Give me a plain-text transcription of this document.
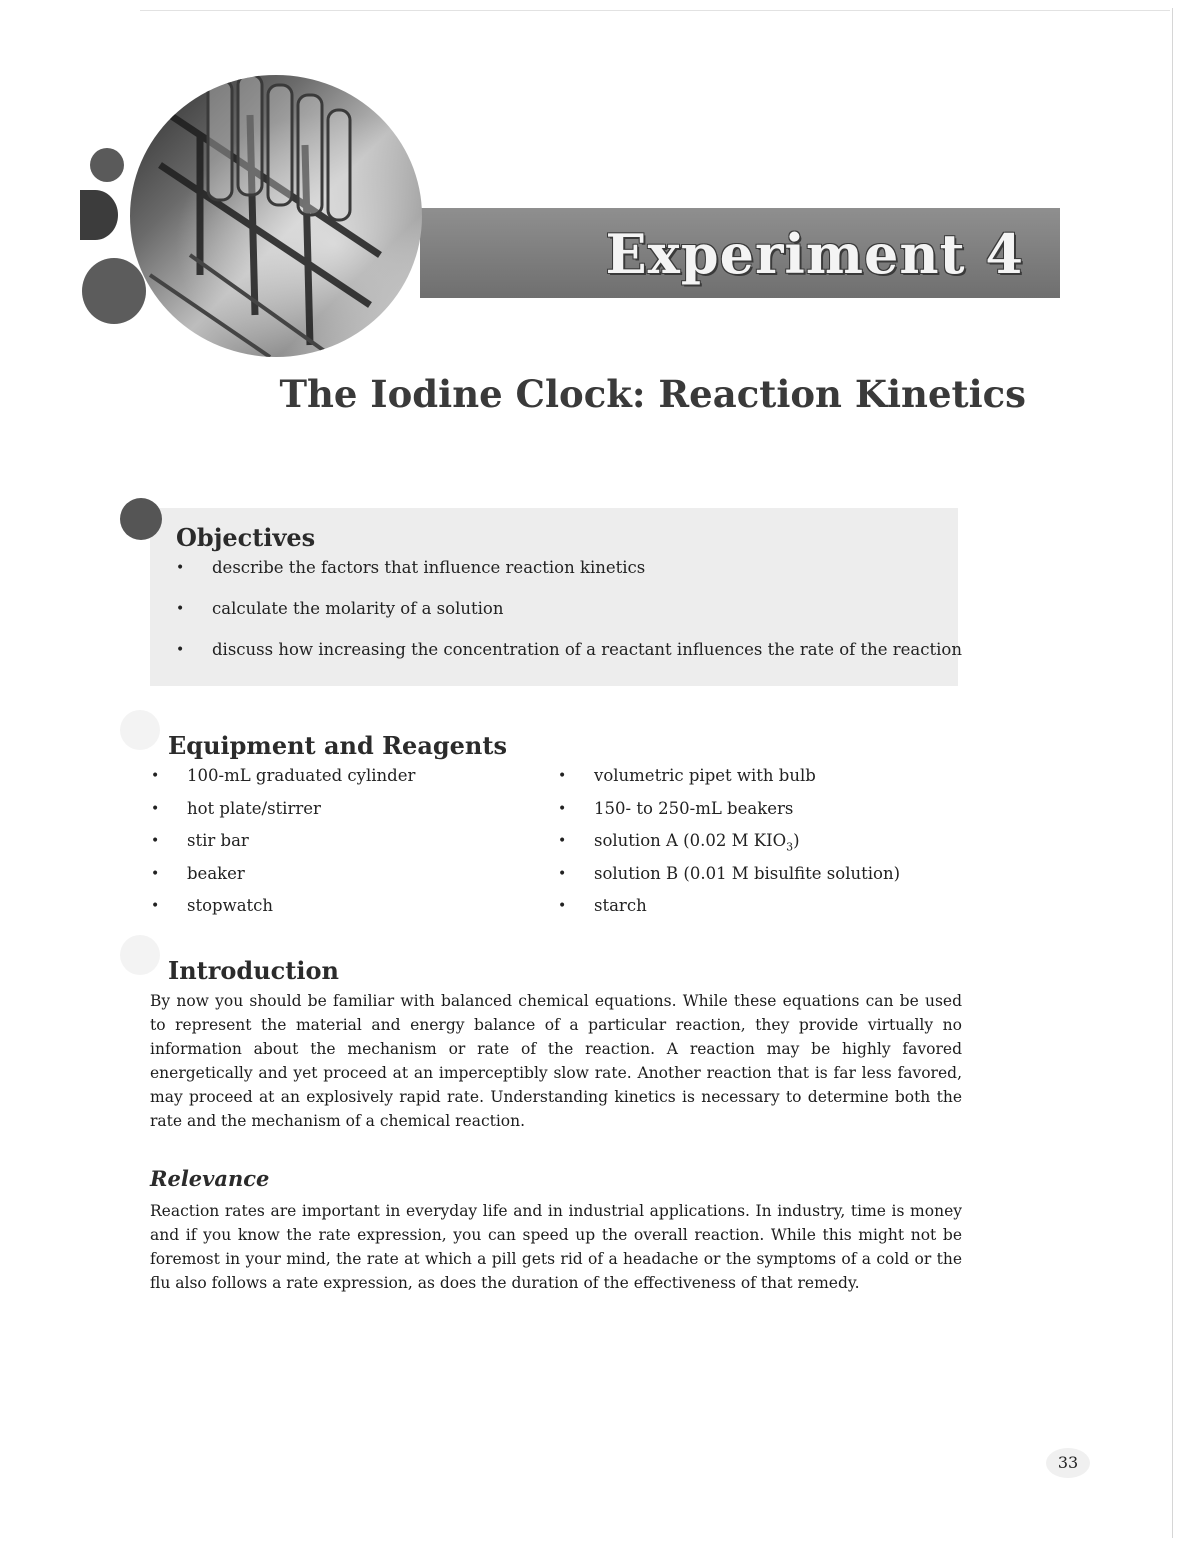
Experiment 4
The Iodine Clock: Reaction Kinetics
Objectives
• describe the factors that influence reaction kinetics
• calculate the molarity of a solution
• discuss how increasing the concentration of a reactant influences the rate of the reaction
Equipment and Reagents
• 100-mL graduated cylinder
• hot plate/stirrer
• stir bar
• beaker
• stopwatch
• volumetric pipet with bulb
• 150- to 250-mL beakers
• solution A (0.02 M $KIO_3$)
• solution B (0.01 M bisulfite solution)
• starch
Introduction
By now you should be familiar with balanced chemical equations. While these equations can be used to represent the material and energy balance of a particular reaction, they provide virtually no information about the mechanism or rate of the reaction. A reaction may be highly favored energetically and yet proceed at an imperceptibly slow rate. Another reaction that is far less favored, may proceed at an explosively rapid rate. Understanding kinetics is necessary to determine both the rate and the mechanism of a chemical reaction.
Relevance
Reaction rates are important in everyday life and in industrial applications. In industry, time is money and if you know the rate expression, you can speed up the overall reaction. While this might not be foremost in your mind, the rate at which a pill gets rid of a headache or the symptoms of a cold or the flu also follows a rate expression, as does the duration of the effectiveness of that remedy.
33
